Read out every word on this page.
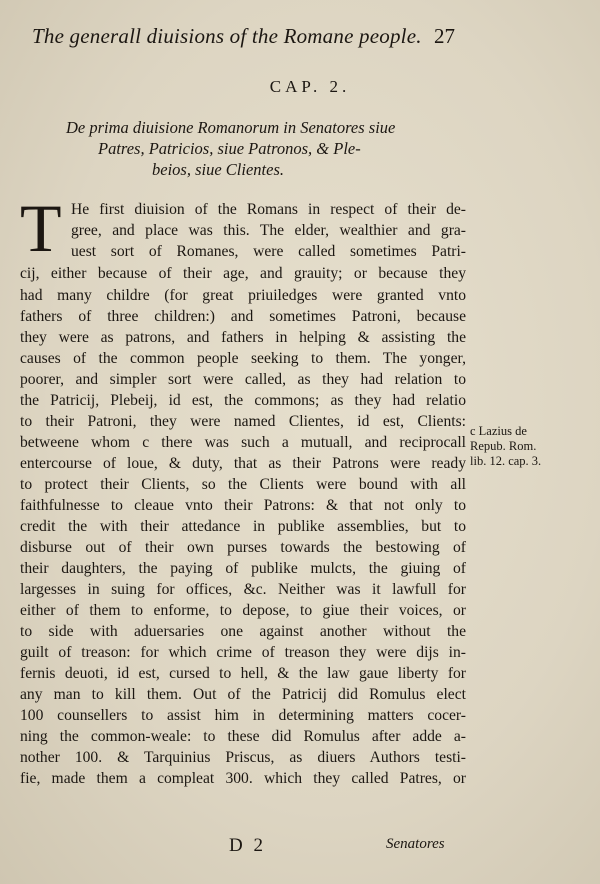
The generall diuisions of the Romane people. 27
CAP. 2.
De prima diuisione Romanorum in Senatores siue
Patres, Patricios, siue Patronos, & Ple-
beios, siue Clientes.
T He first diuision of the Romans in respect of their de-
gree, and place was this. The elder, wealthier and gra-
uest sort of Romanes, were called sometimes Patri-
cij, either because of their age, and grauity; or because they
had many childre (for great priuiledges were granted vnto
fathers of three children:) and sometimes Patroni, because
they were as patrons, and fathers in helping & assisting the
causes of the common people seeking to them. The yonger,
poorer, and simpler sort were called, as they had relation to
the Patricij, Plebeij, id est, the commons; as they had relatio
to their Patroni, they were named Clientes, id est, Clients:
betweene whom c there was such a mutuall, and reciprocall
entercourse of loue, & duty, that as their Patrons were ready
to protect their Clients, so the Clients were bound with all
faithfulnesse to cleaue vnto their Patrons: & that not only to
credit the with their attedance in publike assemblies, but to
disburse out of their own purses towards the bestowing of
their daughters, the paying of publike mulcts, the giuing of
largesses in suing for offices, &c. Neither was it lawfull for
either of them to enforme, to depose, to giue their voices, or
to side with aduersaries one against another without the
guilt of treason: for which crime of treason they were dijs in-
fernis deuoti, id est, cursed to hell, & the law gaue liberty for
any man to kill them. Out of the Patricij did Romulus elect
100 counsellers to assist him in determining matters cocer-
ning the common-weale: to these did Romulus after adde a-
nother 100. & Tarquinius Priscus, as diuers Authors testi-
fie, made them a compleat 300. which they called Patres, or
c Lazius de
Repub. Rom.
lib. 12. cap. 3.
D 2	Senatores
